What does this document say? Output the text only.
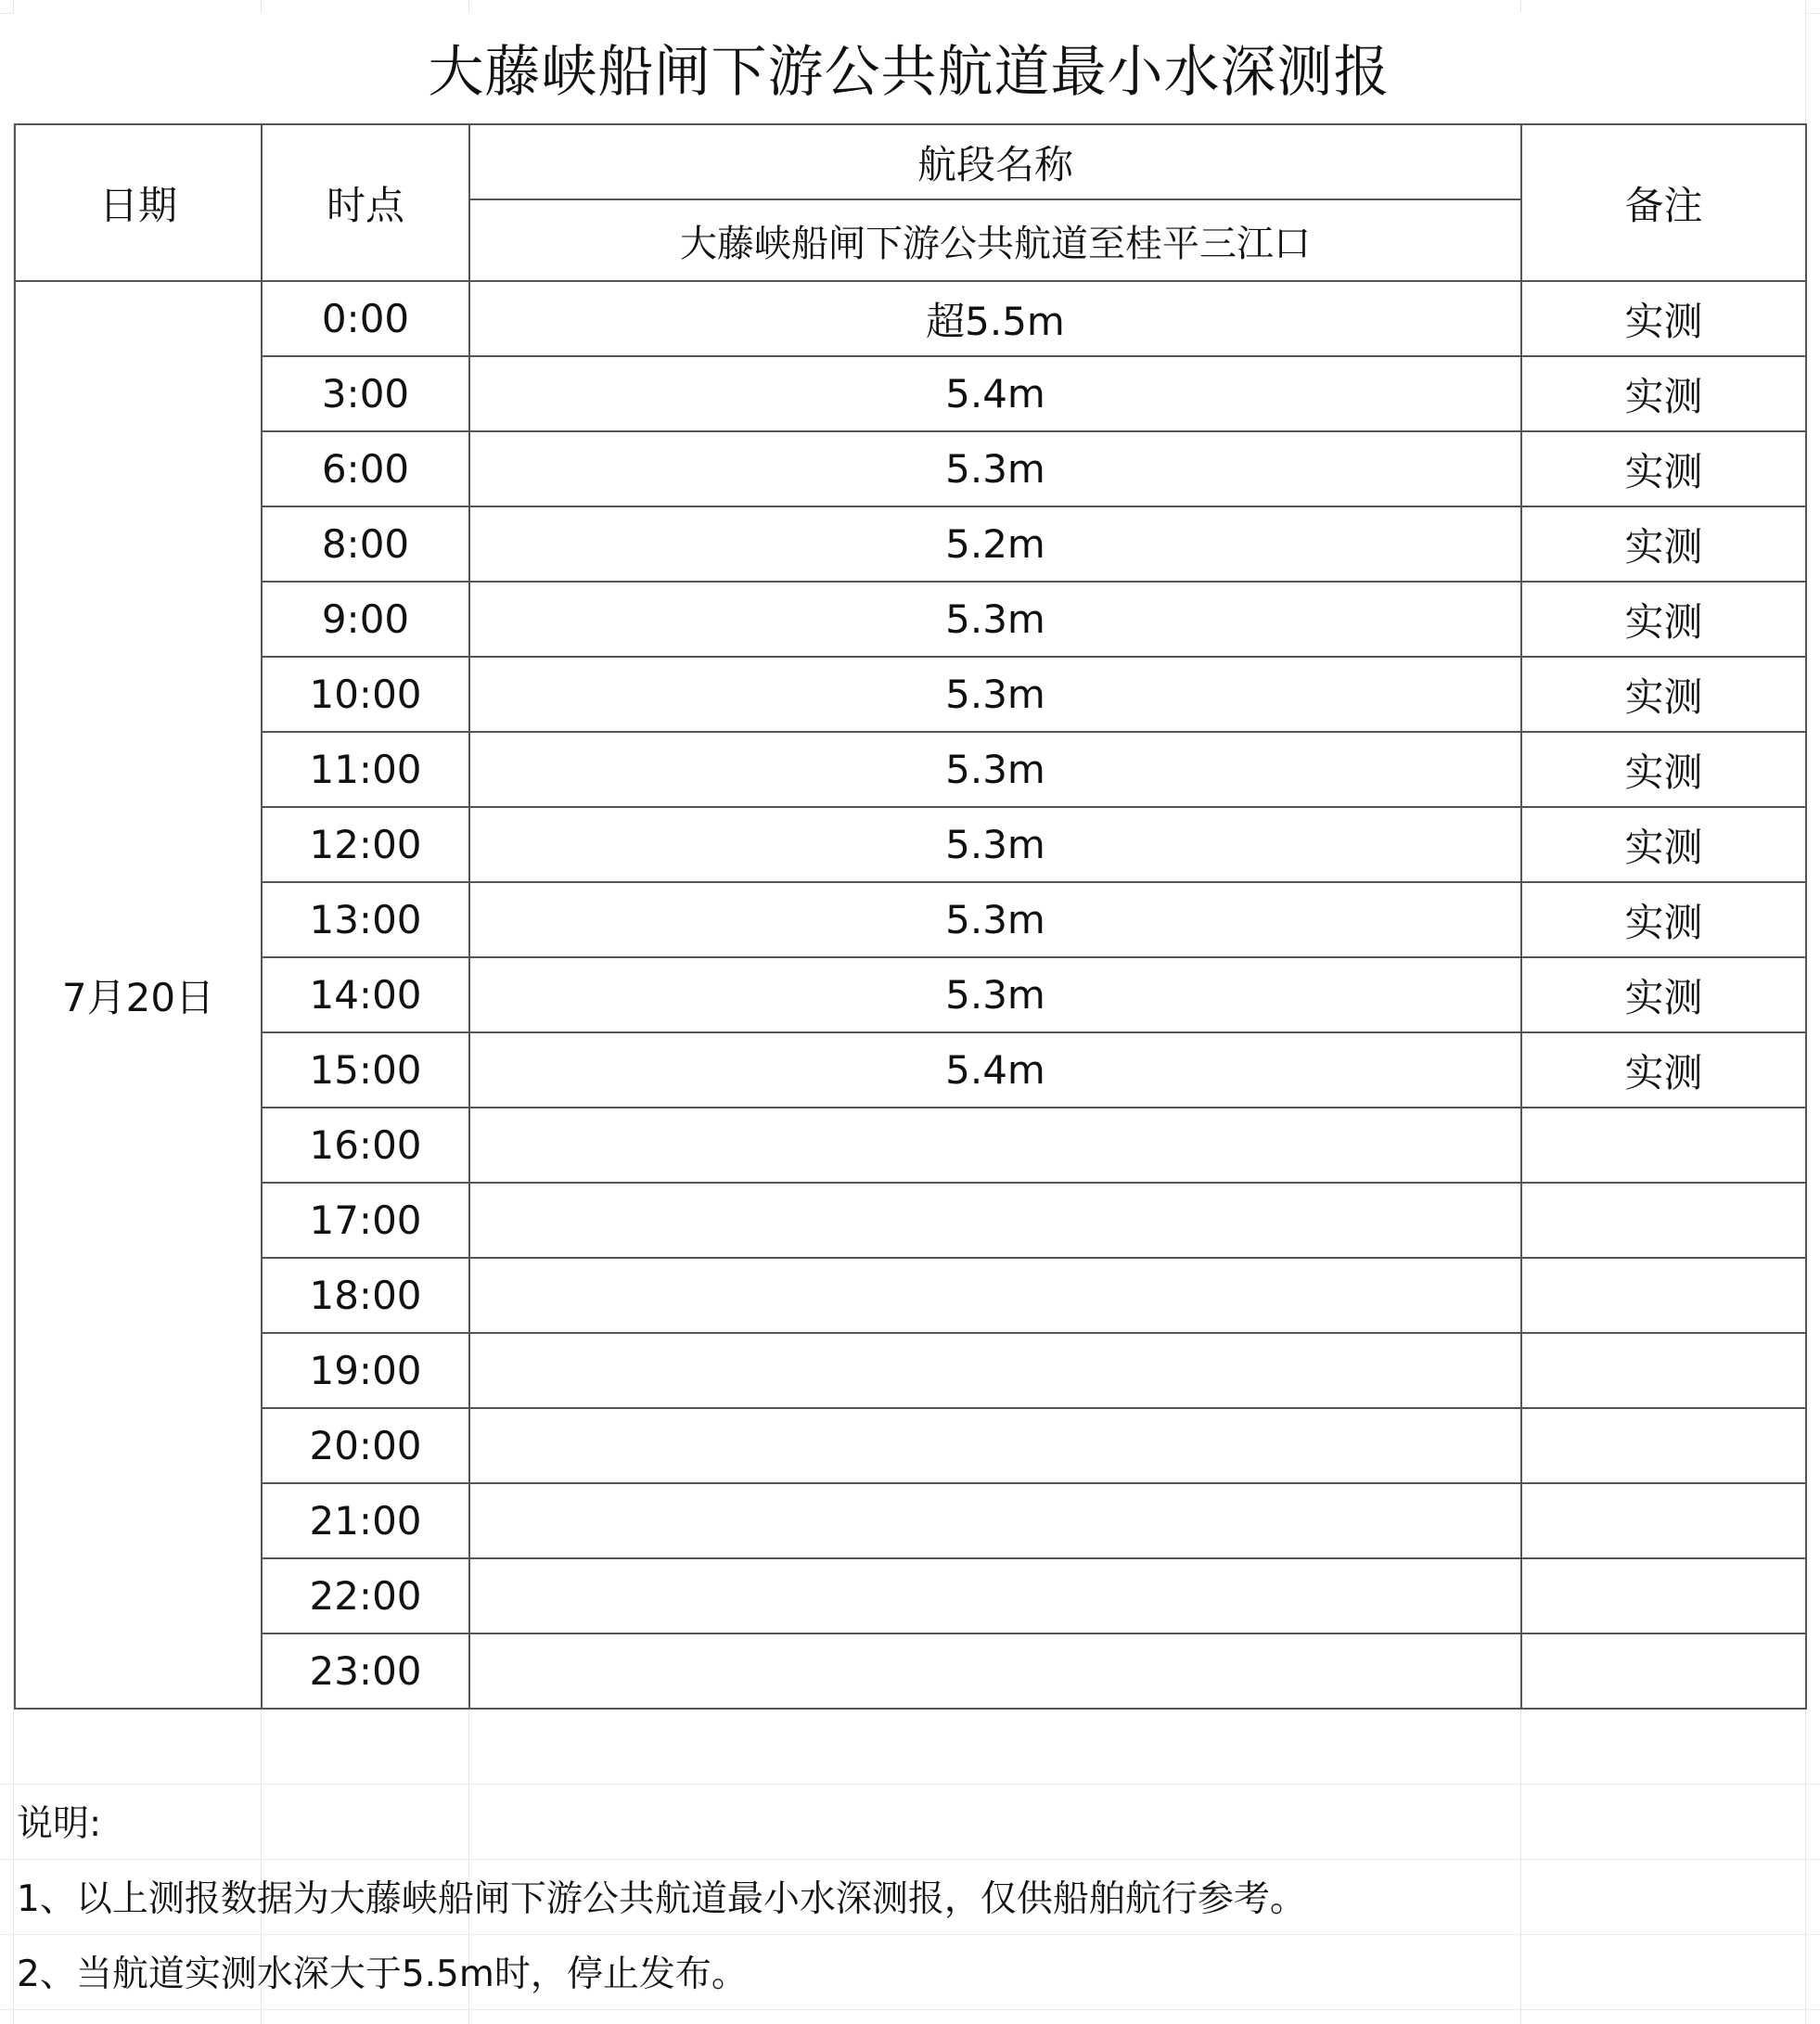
大藤峡船闸下游公共航道最小水深测报
日期	时点	航段名称	备注
		大藤峡船闸下游公共航道至桂平三江口	
7月20日	0:00	超5.5m	实测
	3:00	5.4m	实测
	6:00	5.3m	实测
	8:00	5.2m	实测
	9:00	5.3m	实测
	10:00	5.3m	实测
	11:00	5.3m	实测
	12:00	5.3m	实测
	13:00	5.3m	实测
	14:00	5.3m	实测
	15:00	5.4m	实测
	16:00		
	17:00		
	18:00		
	19:00		
	20:00		
	21:00		
	22:00		
	23:00		
说明:
1、以上测报数据为大藤峡船闸下游公共航道最小水深测报，仅供船舶航行参考。
2、当航道实测水深大于5.5m时，停止发布。
